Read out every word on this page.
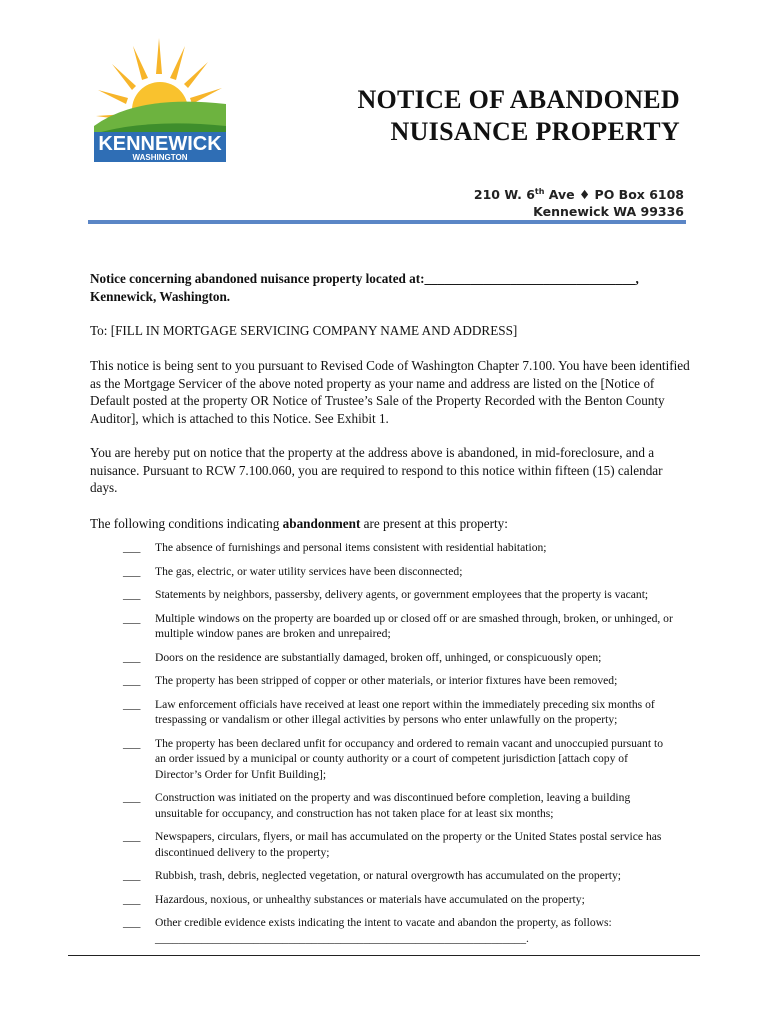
KENNEWICK
WASHINGTON
NOTICE OF ABANDONED
NUISANCE PROPERTY
210 W. 6th Ave ♦ PO Box 6108
Kennewick WA 99336
Notice concerning abandoned nuisance property located at:________________________________,
Kennewick, Washington.
To: [FILL IN MORTGAGE SERVICING COMPANY NAME AND ADDRESS]
This notice is being sent to you pursuant to Revised Code of Washington Chapter 7.100. You have been identified as the Mortgage Servicer of the above noted property as your name and address are listed on the [Notice of Default posted at the property OR Notice of Trustee’s Sale of the Property Recorded with the Benton County Auditor], which is attached to this Notice. See Exhibit 1.
You are hereby put on notice that the property at the address above is abandoned, in mid-foreclosure, and a nuisance. Pursuant to RCW 7.100.060, you are required to respond to this notice within fifteen (15) calendar days.
The following conditions indicating abandonment are present at this property:
___	The absence of furnishings and personal items consistent with residential habitation;
___	The gas, electric, or water utility services have been disconnected;
___	Statements by neighbors, passersby, delivery agents, or government employees that the property is vacant;
___	Multiple windows on the property are boarded up or closed off or are smashed through, broken, or unhinged, or multiple window panes are broken and unrepaired;
___	Doors on the residence are substantially damaged, broken off, unhinged, or conspicuously open;
___	The property has been stripped of copper or other materials, or interior fixtures have been removed;
___	Law enforcement officials have received at least one report within the immediately preceding six months of trespassing or vandalism or other illegal activities by persons who enter unlawfully on the property;
___	The property has been declared unfit for occupancy and ordered to remain vacant and unoccupied pursuant to an order issued by a municipal or county authority or a court of competent jurisdiction [attach copy of Director’s Order for Unfit Building];
___	Construction was initiated on the property and was discontinued before completion, leaving a building unsuitable for occupancy, and construction has not taken place for at least six months;
___	Newspapers, circulars, flyers, or mail has accumulated on the property or the United States postal service has discontinued delivery to the property;
___	Rubbish, trash, debris, neglected vegetation, or natural overgrowth has accumulated on the property;
___	Hazardous, noxious, or unhealthy substances or materials have accumulated on the property;
___	Other credible evidence exists indicating the intent to vacate and abandon the property, as follows: ________________________________________________________________.
